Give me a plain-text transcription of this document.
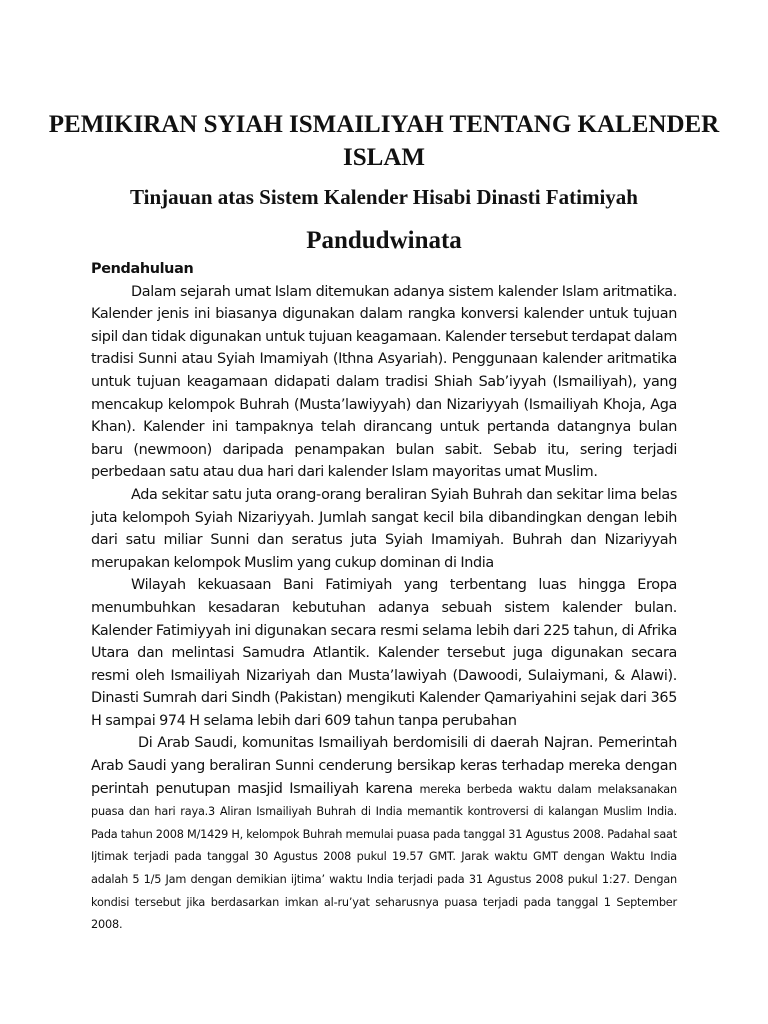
PEMIKIRAN SYIAH ISMAILIYAH TENTANG KALENDER ISLAM
Tinjauan atas Sistem Kalender Hisabi Dinasti Fatimiyah
Pandudwinata

Pendahuluan

Dalam sejarah umat Islam ditemukan adanya sistem kalender Islam aritmatika. Kalender jenis ini biasanya digunakan dalam rangka konversi kalender untuk tujuan sipil dan tidak digunakan untuk tujuan keagamaan. Kalender tersebut terdapat dalam tradisi Sunni atau Syiah Imamiyah (Ithna Asyariah). Penggunaan kalender aritmatika untuk tujuan keagamaan didapati dalam tradisi Shiah Sab’iyyah (Ismailiyah), yang mencakup kelompok Buhrah (Musta’lawiyyah) dan Nizariyyah (Ismailiyah Khoja, Aga Khan). Kalender ini tampaknya telah dirancang untuk pertanda datangnya bulan baru (newmoon) daripada penampakan bulan sabit. Sebab itu, sering terjadi perbedaan satu atau dua hari dari kalender Islam mayoritas umat Muslim.

Ada sekitar satu juta orang-orang beraliran Syiah Buhrah dan sekitar lima belas juta kelompoh Syiah Nizariyyah. Jumlah sangat kecil bila dibandingkan dengan lebih dari satu miliar Sunni dan seratus juta Syiah Imamiyah. Buhrah dan Nizariyyah merupakan kelompok Muslim yang cukup dominan di India

Wilayah kekuasaan Bani Fatimiyah yang terbentang luas hingga Eropa menumbuhkan kesadaran kebutuhan adanya sebuah sistem kalender bulan. Kalender Fatimiyyah ini digunakan secara resmi selama lebih dari 225 tahun, di Afrika Utara dan melintasi Samudra Atlantik. Kalender tersebut juga digunakan secara resmi oleh Ismailiyah Nizariyah dan Musta’lawiyah (Dawoodi, Sulaiymani, & Alawi). Dinasti Sumrah dari Sindh (Pakistan) mengikuti Kalender Qamariyahini sejak dari 365 H sampai 974 H selama lebih dari 609 tahun tanpa perubahan

Di Arab Saudi, komunitas Ismailiyah berdomisili di daerah Najran. Pemerintah Arab Saudi yang beraliran Sunni cenderung bersikap keras terhadap mereka dengan perintah penutupan masjid Ismailiyah karena mereka berbeda waktu dalam melaksanakan puasa dan hari raya.3 Aliran Ismailiyah Buhrah di India memantik kontroversi di kalangan Muslim India. Pada tahun 2008 M/1429 H, kelompok Buhrah memulai puasa pada tanggal 31 Agustus 2008. Padahal saat Ijtimak terjadi pada tanggal 30 Agustus 2008 pukul 19.57 GMT. Jarak waktu GMT dengan Waktu India adalah 5 1/5 Jam dengan demikian ijtima’ waktu India terjadi pada 31 Agustus 2008 pukul 1:27. Dengan kondisi tersebut jika berdasarkan imkan al-ru’yat seharusnya puasa terjadi pada tanggal 1 September 2008.
